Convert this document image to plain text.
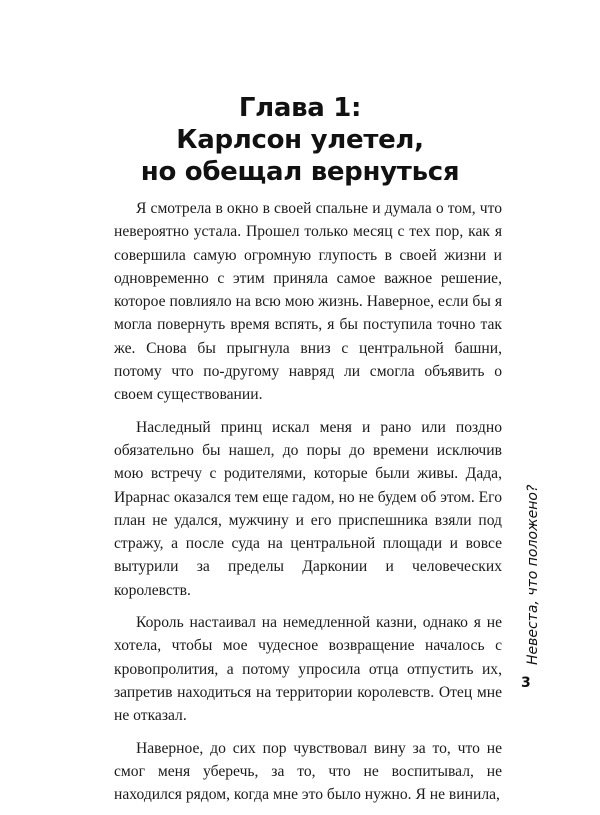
Глава 1:
Карлсон улетел,
но обещал вернуться

Я смотрела в окно в своей спальне и думала о том, что невероятно устала. Прошел только месяц с тех пор, как я совершила самую огромную глупость в своей жизни и одновременно с этим приняла самое важное решение, которое повлияло на всю мою жизнь. Наверное, если бы я могла повернуть время вспять, я бы поступила точно так же. Снова бы прыгнула вниз с центральной башни, потому что по-другому навряд ли смогла объявить о своем существовании.

Наследный принц искал меня и рано или поздно обязательно бы нашел, до поры до времени исключив мою встречу с родителями, которые были живы. Дада, Ирарнас оказался тем еще гадом, но не будем об этом. Его план не удался, мужчину и его приспешника взяли под стражу, а после суда на центральной площади и вовсе вытурили за пределы Дарконии и человеческих королевств.

Король настаивал на немедленной казни, однако я не хотела, чтобы мое чудесное возвращение началось с кровопролития, а потому упросила отца отпустить их, запретив находиться на территории королевств. Отец мне не отказал.

Наверное, до сих пор чувствовал вину за то, что не смог меня уберечь, за то, что не воспитывал, не находился рядом, когда мне это было нужно. Я не винила,

Невеста, что положено?
3
